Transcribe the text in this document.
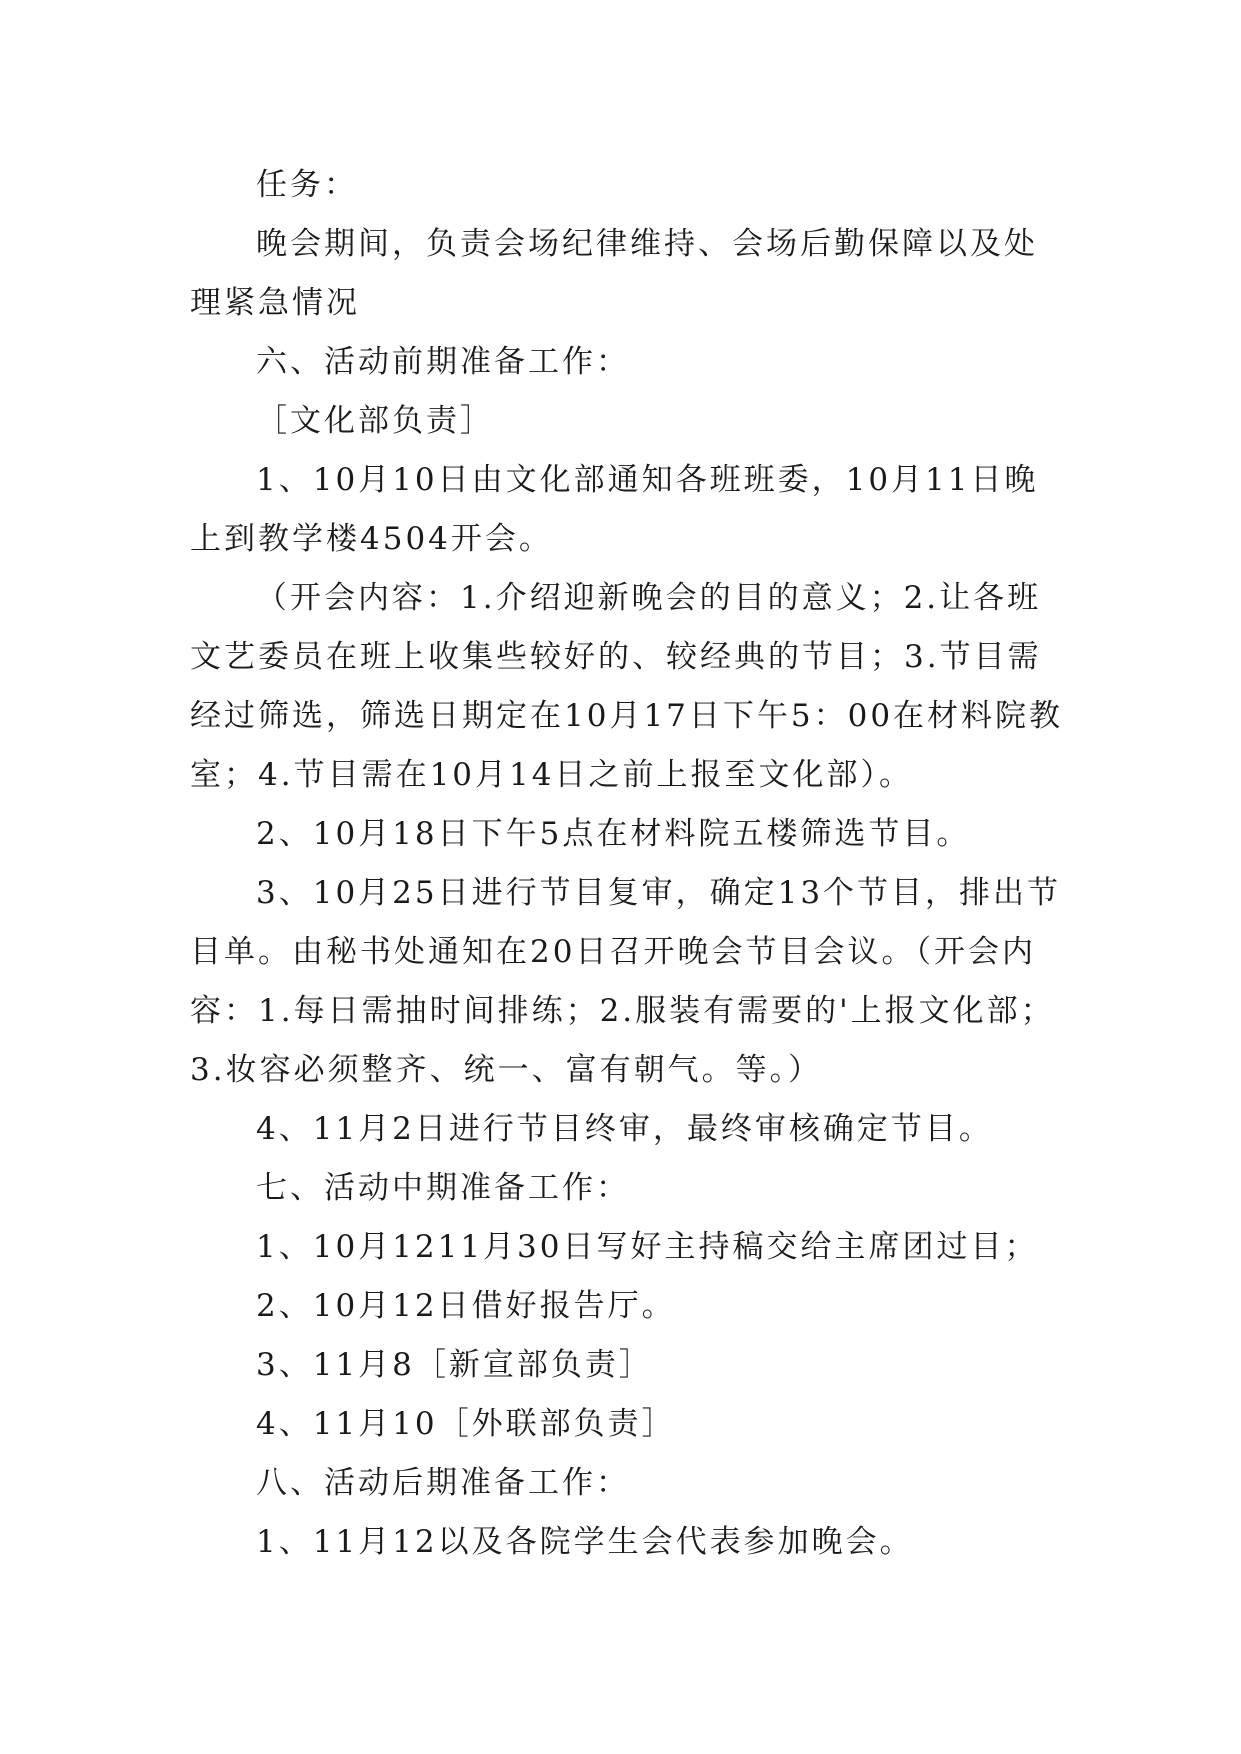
任务：

晚会期间，负责会场纪律维持、会场后勤保障以及处理紧急情况

六、活动前期准备工作：

［文化部负责］

1、10月10日由文化部通知各班班委，10月11日晚上到教学楼4504开会。

（开会内容：1.介绍迎新晚会的目的意义；2.让各班文艺委员在班上收集些较好的、较经典的节目；3.节目需经过筛选，筛选日期定在10月17日下午5：00在材料院教室；4.节目需在10月14日之前上报至文化部）。

2、10月18日下午5点在材料院五楼筛选节目。

3、10月25日进行节目复审，确定13个节目，排出节目单。由秘书处通知在20日召开晚会节目会议。（开会内容：1.每日需抽时间排练；2.服装有需要的'上报文化部；3.妆容必须整齐、统一、富有朝气。等。）

4、11月2日进行节目终审，最终审核确定节目。

七、活动中期准备工作：

1、10月1211月30日写好主持稿交给主席团过目；

2、10月12日借好报告厅。

3、11月8［新宣部负责］

4、11月10［外联部负责］

八、活动后期准备工作：

1、11月12以及各院学生会代表参加晚会。
